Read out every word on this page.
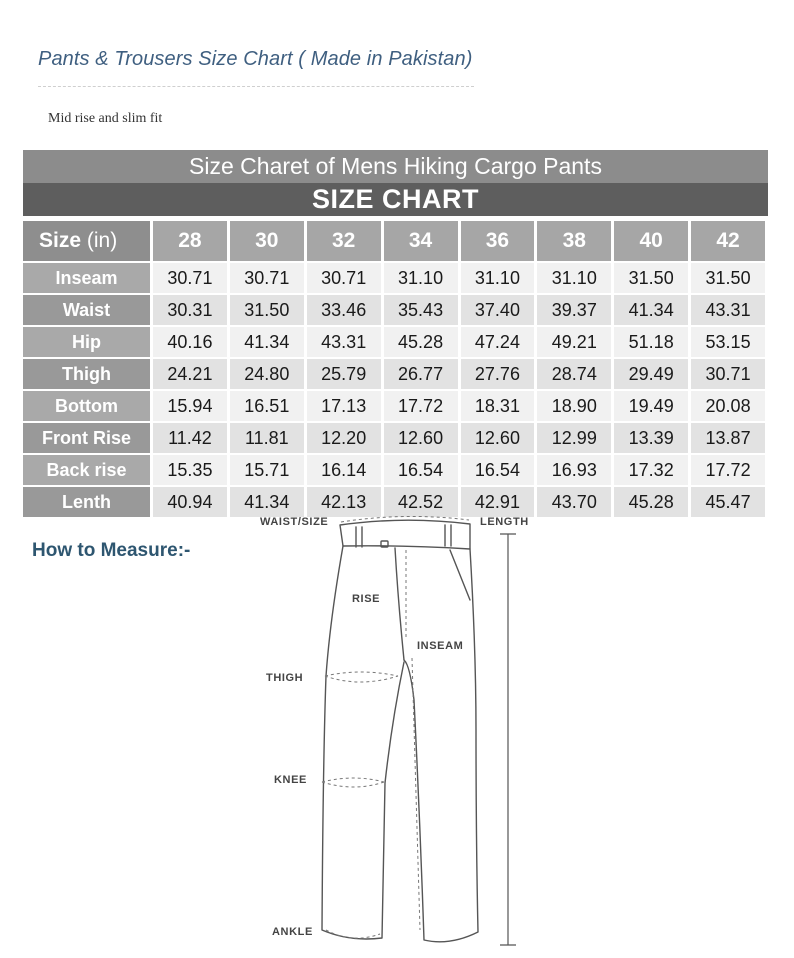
Pants & Trousers Size Chart ( Made in Pakistan)
Mid rise and slim fit
Size Charet of Mens Hiking Cargo Pants
SIZE CHART
Size (in)	28	30	32	34	36	38	40	42
Inseam	30.71	30.71	30.71	31.10	31.10	31.10	31.50	31.50
Waist	30.31	31.50	33.46	35.43	37.40	39.37	41.34	43.31
Hip	40.16	41.34	43.31	45.28	47.24	49.21	51.18	53.15
Thigh	24.21	24.80	25.79	26.77	27.76	28.74	29.49	30.71
Bottom	15.94	16.51	17.13	17.72	18.31	18.90	19.49	20.08
Front Rise	11.42	11.81	12.20	12.60	12.60	12.99	13.39	13.87
Back rise	15.35	15.71	16.14	16.54	16.54	16.93	17.32	17.72
Lenth	40.94	41.34	42.13	42.52	42.91	43.70	45.28	45.47
How to Measure:-
WAIST/SIZE	LENGTH
RISE
INSEAM
THIGH
KNEE
ANKLE
